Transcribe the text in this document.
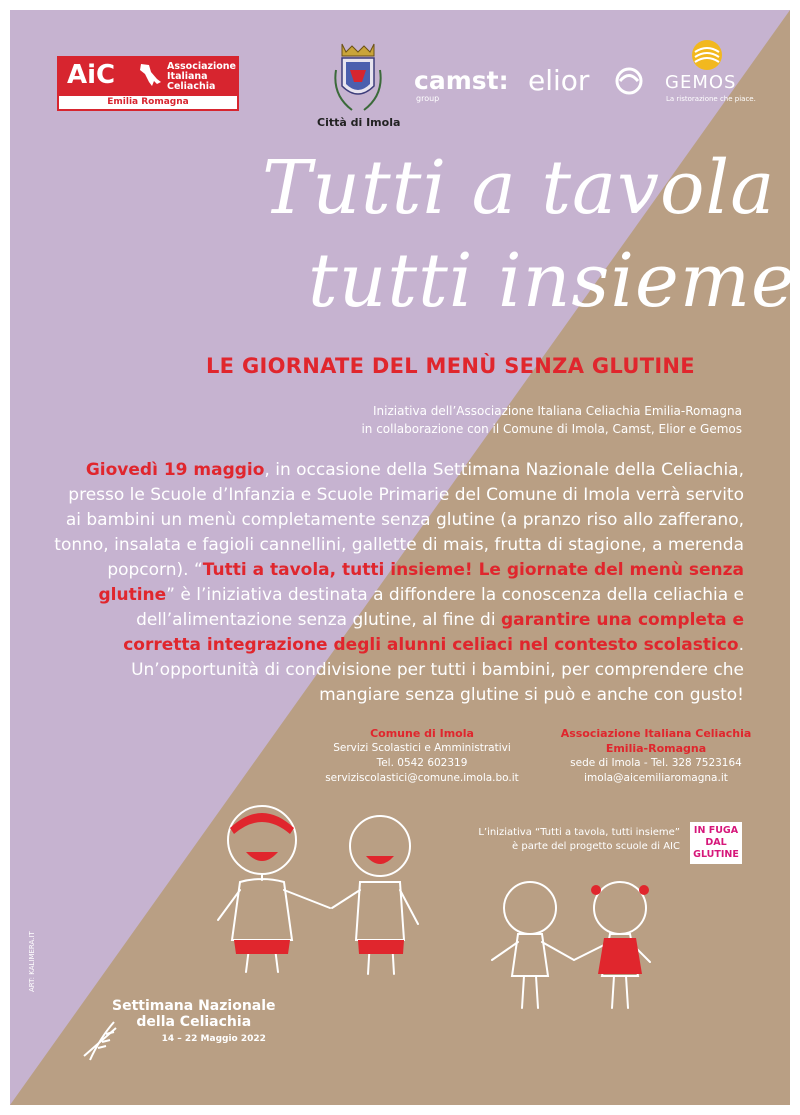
AiC	Associazione
Italiana
Celiachia
Emilia Romagna
Città di Imola
camst:
group
elior	GEMOS
La ristorazione che piace.
Tutti a tavola
tutti insieme
LE GIORNATE DEL MENÙ SENZA GLUTINE
Iniziativa dell’Associazione Italiana Celiachia Emilia-Romagna
in collaborazione con il Comune di Imola, Camst, Elior e Gemos
Giovedì 19 maggio, in occasione della Settimana Nazionale della Celiachia, presso le Scuole d’Infanzia e Scuole Primarie del Comune di Imola verrà servito ai bambini un menù completamente senza glutine (a pranzo riso allo zafferano, tonno, insalata e fagioli cannellini, gallette di mais, frutta di stagione, a merenda popcorn). “Tutti a tavola, tutti insieme! Le giornate del menù senza glutine” è l’iniziativa destinata a diffondere la conoscenza della celiachia e dell’alimentazione senza glutine, al fine di garantire una completa e corretta integrazione degli alunni celiaci nel contesto scolastico. Un’opportunità di condivisione per tutti i bambini, per comprendere che mangiare senza glutine si può e anche con gusto!
Comune di Imola
Servizi Scolastici e Amministrativi
Tel. 0542 602319
serviziscolastici@comune.imola.bo.it
Associazione Italiana Celiachia Emilia-Romagna
sede di Imola - Tel. 328 7523164
imola@aicemiliaromagna.it
L’iniziativa “Tutti a tavola, tutti insieme”
è parte del progetto scuole di AIC
IN FUGA
DAL
GLUTINE
Settimana Nazionale
della Celiachia
14 – 22 Maggio 2022
ART: KALIMERA.IT
